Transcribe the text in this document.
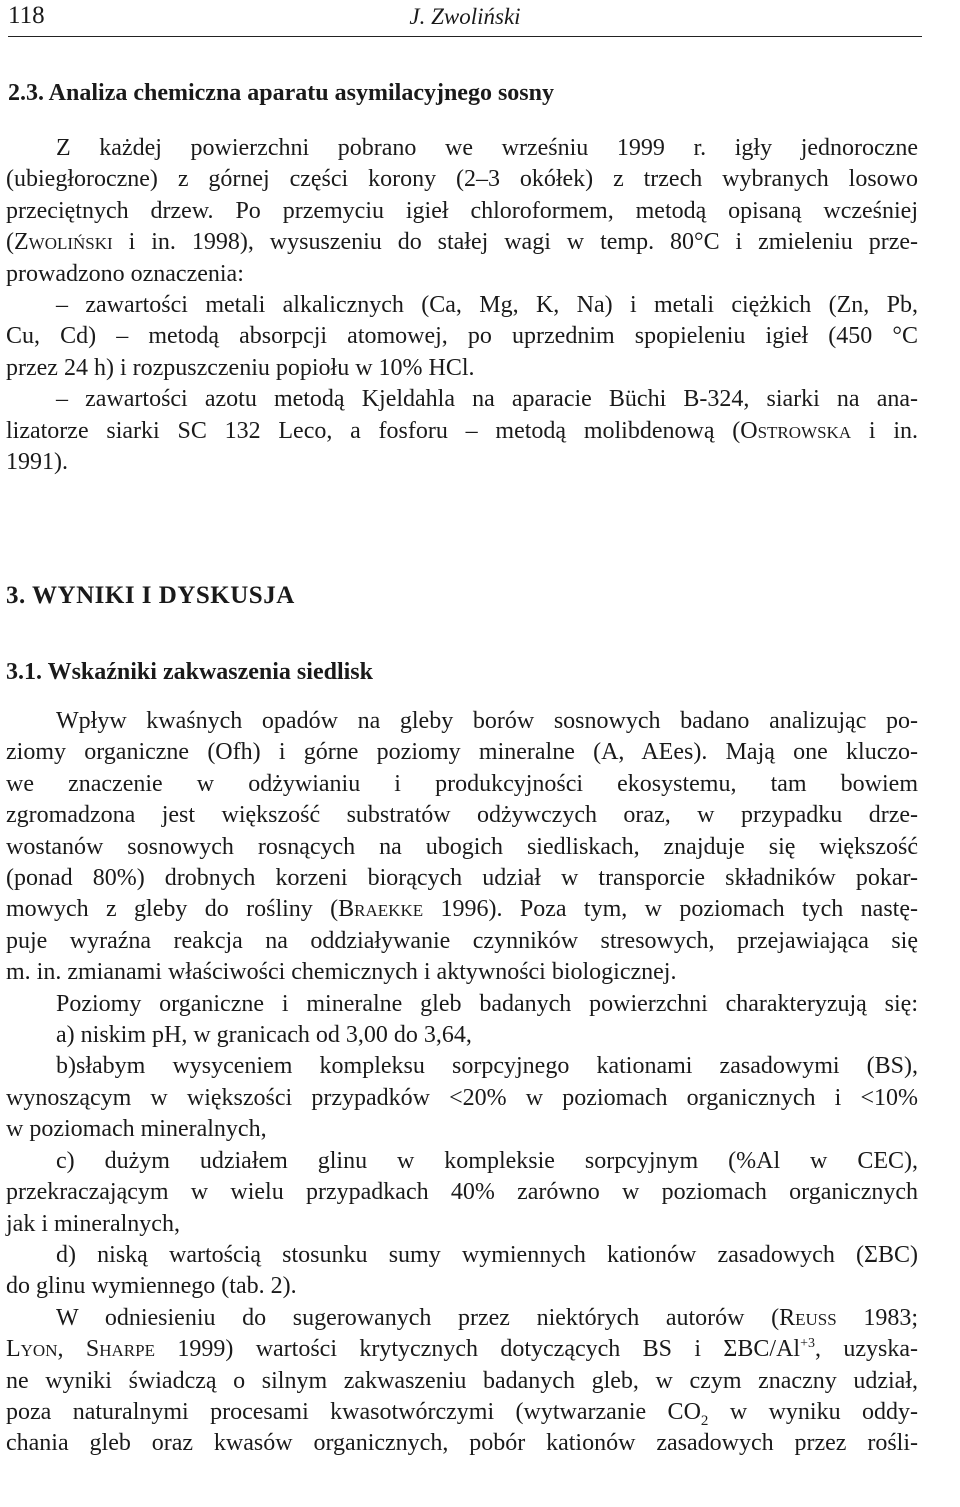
118	J. Zwoliński
2.3. Analiza chemiczna aparatu asymilacyjnego sosny
Z każdej powierzchni pobrano we wrześniu 1999 r. igły jednoroczne
(ubiegłoroczne) z górnej części korony (2–3 okółek) z trzech wybranych losowo
przeciętnych drzew. Po przemyciu igieł chloroformem, metodą opisaną wcześniej
(Zwoliński i in. 1998), wysuszeniu do stałej wagi w temp. 80°C i zmieleniu prze-
prowadzono oznaczenia:
– zawartości metali alkalicznych (Ca, Mg, K, Na) i metali ciężkich (Zn, Pb,
Cu, Cd) – metodą absorpcji atomowej, po uprzednim spopieleniu igieł (450 °C
przez 24 h) i rozpuszczeniu popiołu w 10% HCl.
– zawartości azotu metodą Kjeldahla na aparacie Büchi B-324, siarki na ana-
lizatorze siarki SC 132 Leco, a fosforu – metodą molibdenową (Ostrowska i in.
1991).
3. WYNIKI I DYSKUSJA
3.1. Wskaźniki zakwaszenia siedlisk
Wpływ kwaśnych opadów na gleby borów sosnowych badano analizując po-
ziomy organiczne (Ofh) i górne poziomy mineralne (A, AEes). Mają one kluczo-
we znaczenie w odżywianiu i produkcyjności ekosystemu, tam bowiem
zgromadzona jest większość substratów odżywczych oraz, w przypadku drze-
wostanów sosnowych rosnących na ubogich siedliskach, znajduje się większość
(ponad 80%) drobnych korzeni biorących udział w transporcie składników pokar-
mowych z gleby do rośliny (Braekke 1996). Poza tym, w poziomach tych nastę-
puje wyraźna reakcja na oddziaływanie czynników stresowych, przejawiająca się
m. in. zmianami właściwości chemicznych i aktywności biologicznej.
Poziomy organiczne i mineralne gleb badanych powierzchni charakteryzują się:
a) niskim pH, w granicach od 3,00 do 3,64,
b)słabym wysyceniem kompleksu sorpcyjnego kationami zasadowymi (BS),
wynoszącym w większości przypadków <20% w poziomach organicznych i <10%
w poziomach mineralnych,
c) dużym udziałem glinu w kompleksie sorpcyjnym (%Al w CEC),
przekraczającym w wielu przypadkach 40% zarówno w poziomach organicznych
jak i mineralnych,
d) niską wartością stosunku sumy wymiennych kationów zasadowych (ΣBC)
do glinu wymiennego (tab. 2).
W odniesieniu do sugerowanych przez niektórych autorów (Reuss 1983;
Lyon, Sharpe 1999) wartości krytycznych dotyczących BS i ΣBC/$Al^{+3}$, uzyska-
ne wyniki świadczą o silnym zakwaszeniu badanych gleb, w czym znaczny udział,
poza naturalnymi procesami kwasotwórczymi (wytwarzanie $CO_2$ w wyniku oddy-
chania gleb oraz kwasów organicznych, pobór kationów zasadowych przez rośli-
